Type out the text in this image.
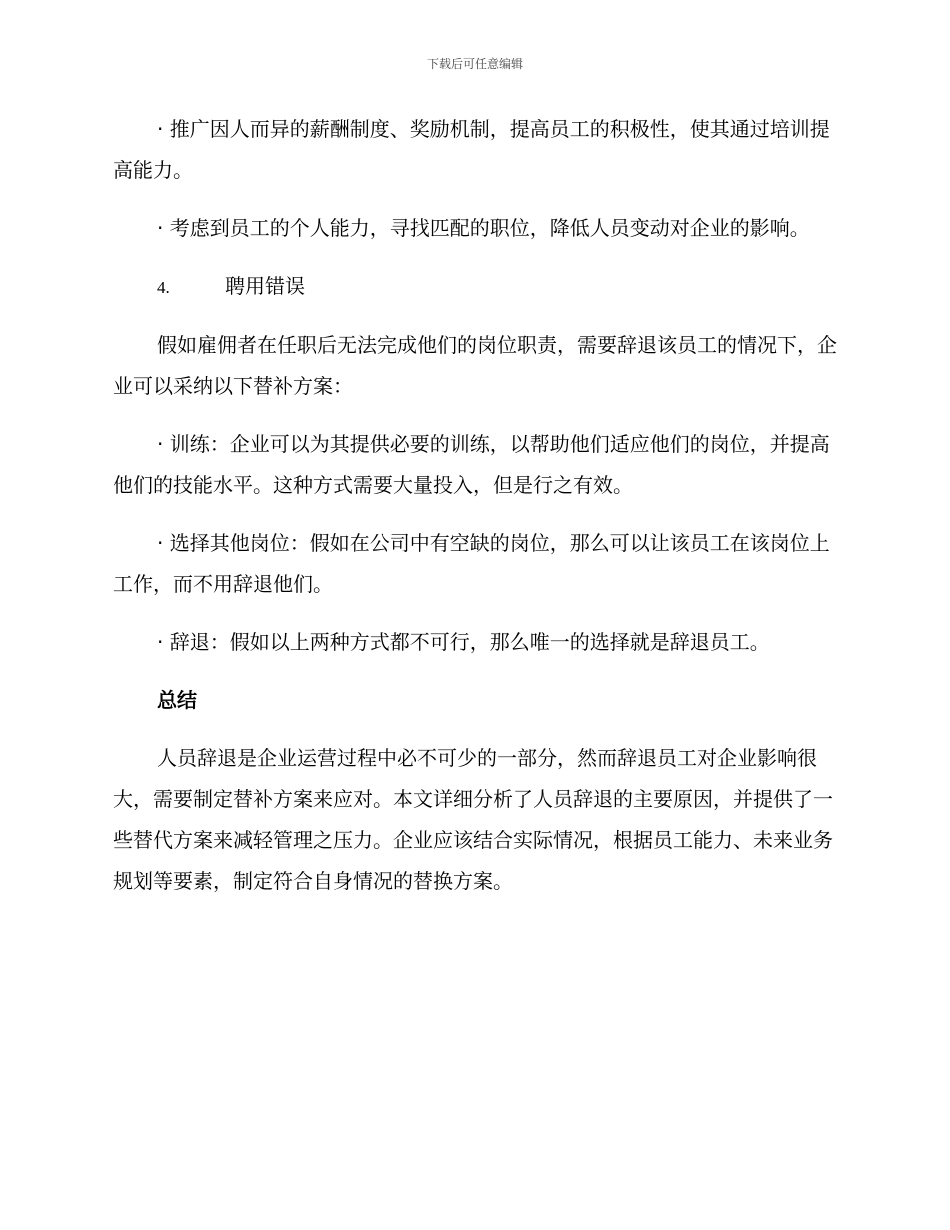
下载后可任意编辑

· 推广因人而异的薪酬制度、奖励机制，提高员工的积极性，使其通过培训提高能力。

· 考虑到员工的个人能力，寻找匹配的职位，降低人员变动对企业的影响。

4.	聘用错误

假如雇佣者在任职后无法完成他们的岗位职责，需要辞退该员工的情况下，企业可以采纳以下替补方案：

· 训练：企业可以为其提供必要的训练，以帮助他们适应他们的岗位，并提高他们的技能水平。这种方式需要大量投入，但是行之有效。

· 选择其他岗位：假如在公司中有空缺的岗位，那么可以让该员工在该岗位上工作，而不用辞退他们。

· 辞退：假如以上两种方式都不可行，那么唯一的选择就是辞退员工。

总结

人员辞退是企业运营过程中必不可少的一部分，然而辞退员工对企业影响很大，需要制定替补方案来应对。本文详细分析了人员辞退的主要原因，并提供了一些替代方案来减轻管理之压力。企业应该结合实际情况，根据员工能力、未来业务规划等要素，制定符合自身情况的替换方案。
